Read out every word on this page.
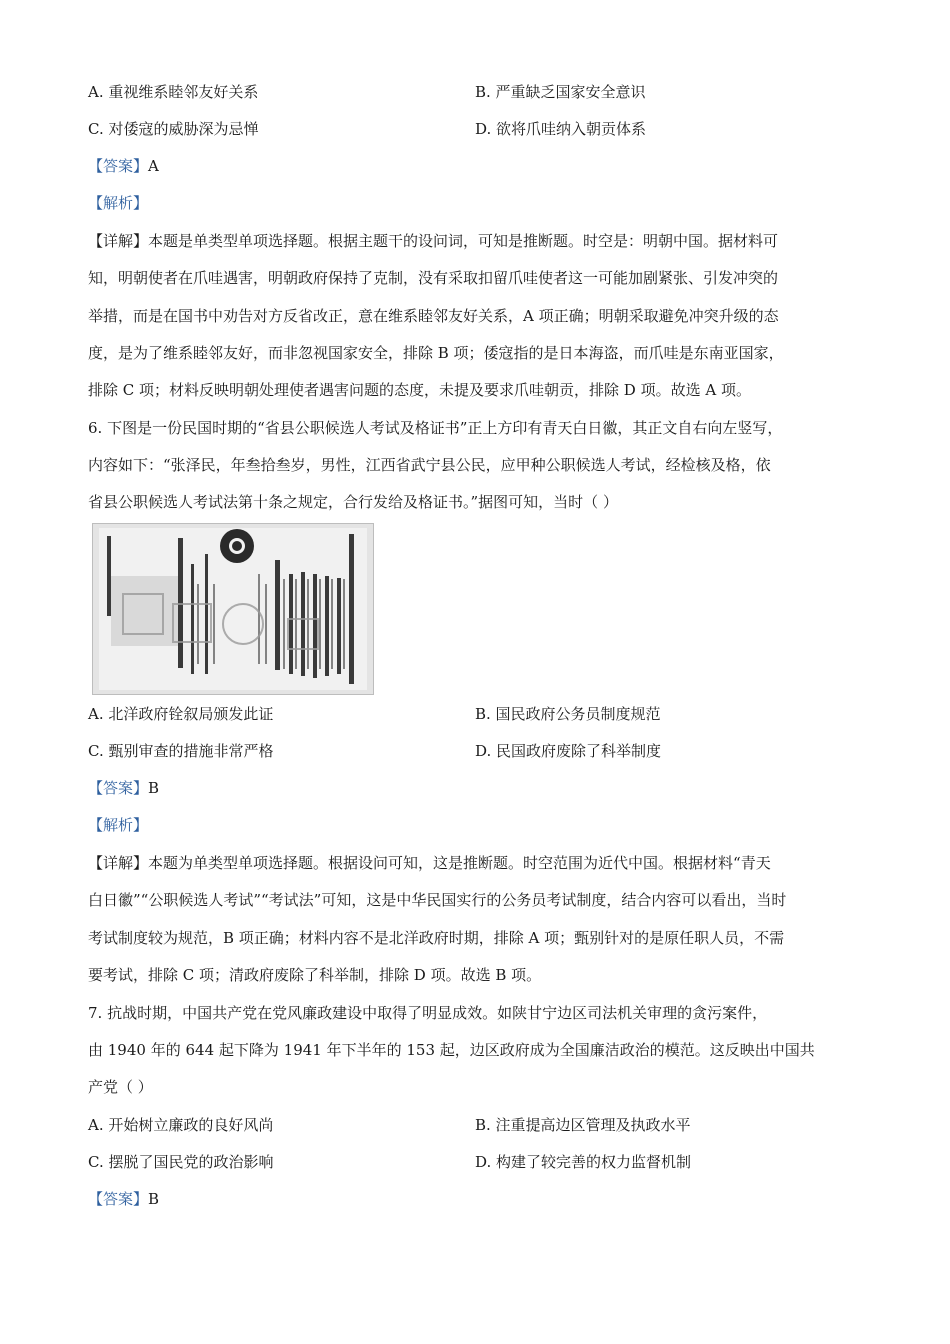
A. 重视维系睦邻友好关系	B. 严重缺乏国家安全意识
C. 对倭寇的威胁深为忌惮	D. 欲将爪哇纳入朝贡体系
【答案】A
【解析】
【详解】本题是单类型单项选择题。根据主题干的设问词，可知是推断题。时空是：明朝中国。据材料可
知，明朝使者在爪哇遇害，明朝政府保持了克制，没有采取扣留爪哇使者这一可能加剧紧张、引发冲突的
举措，而是在国书中劝告对方反省改正，意在维系睦邻友好关系，A 项正确；明朝采取避免冲突升级的态
度，是为了维系睦邻友好，而非忽视国家安全，排除 B 项；倭寇指的是日本海盗，而爪哇是东南亚国家，
排除 C 项；材料反映明朝处理使者遇害问题的态度，未提及要求爪哇朝贡，排除 D 项。故选 A 项。
6. 下图是一份民国时期的“省县公职候选人考试及格证书”正上方印有青天白日徽，其正文自右向左竖写，
内容如下：“张泽民，年叁拾叁岁，男性，江西省武宁县公民，应甲种公职候选人考试，经检核及格，依
省县公职候选人考试法第十条之规定，合行发给及格证书。”据图可知，当时（ ）
A. 北洋政府铨叙局颁发此证	B. 国民政府公务员制度规范
C. 甄别审查的措施非常严格	D. 民国政府废除了科举制度
【答案】B
【解析】
【详解】本题为单类型单项选择题。根据设问可知，这是推断题。时空范围为近代中国。根据材料“青天
白日徽”“公职候选人考试”“考试法”可知，这是中华民国实行的公务员考试制度，结合内容可以看出，当时
考试制度较为规范，B 项正确；材料内容不是北洋政府时期，排除 A 项；甄别针对的是原任职人员，不需
要考试，排除 C 项；清政府废除了科举制，排除 D 项。故选 B 项。
7. 抗战时期，中国共产党在党风廉政建设中取得了明显成效。如陕甘宁边区司法机关审理的贪污案件，
由 1940 年的 644 起下降为 1941 年下半年的 153 起，边区政府成为全国廉洁政治的模范。这反映出中国共
产党（ ）
A. 开始树立廉政的良好风尚	B. 注重提高边区管理及执政水平
C. 摆脱了国民党的政治影响	D. 构建了较完善的权力监督机制
【答案】B
